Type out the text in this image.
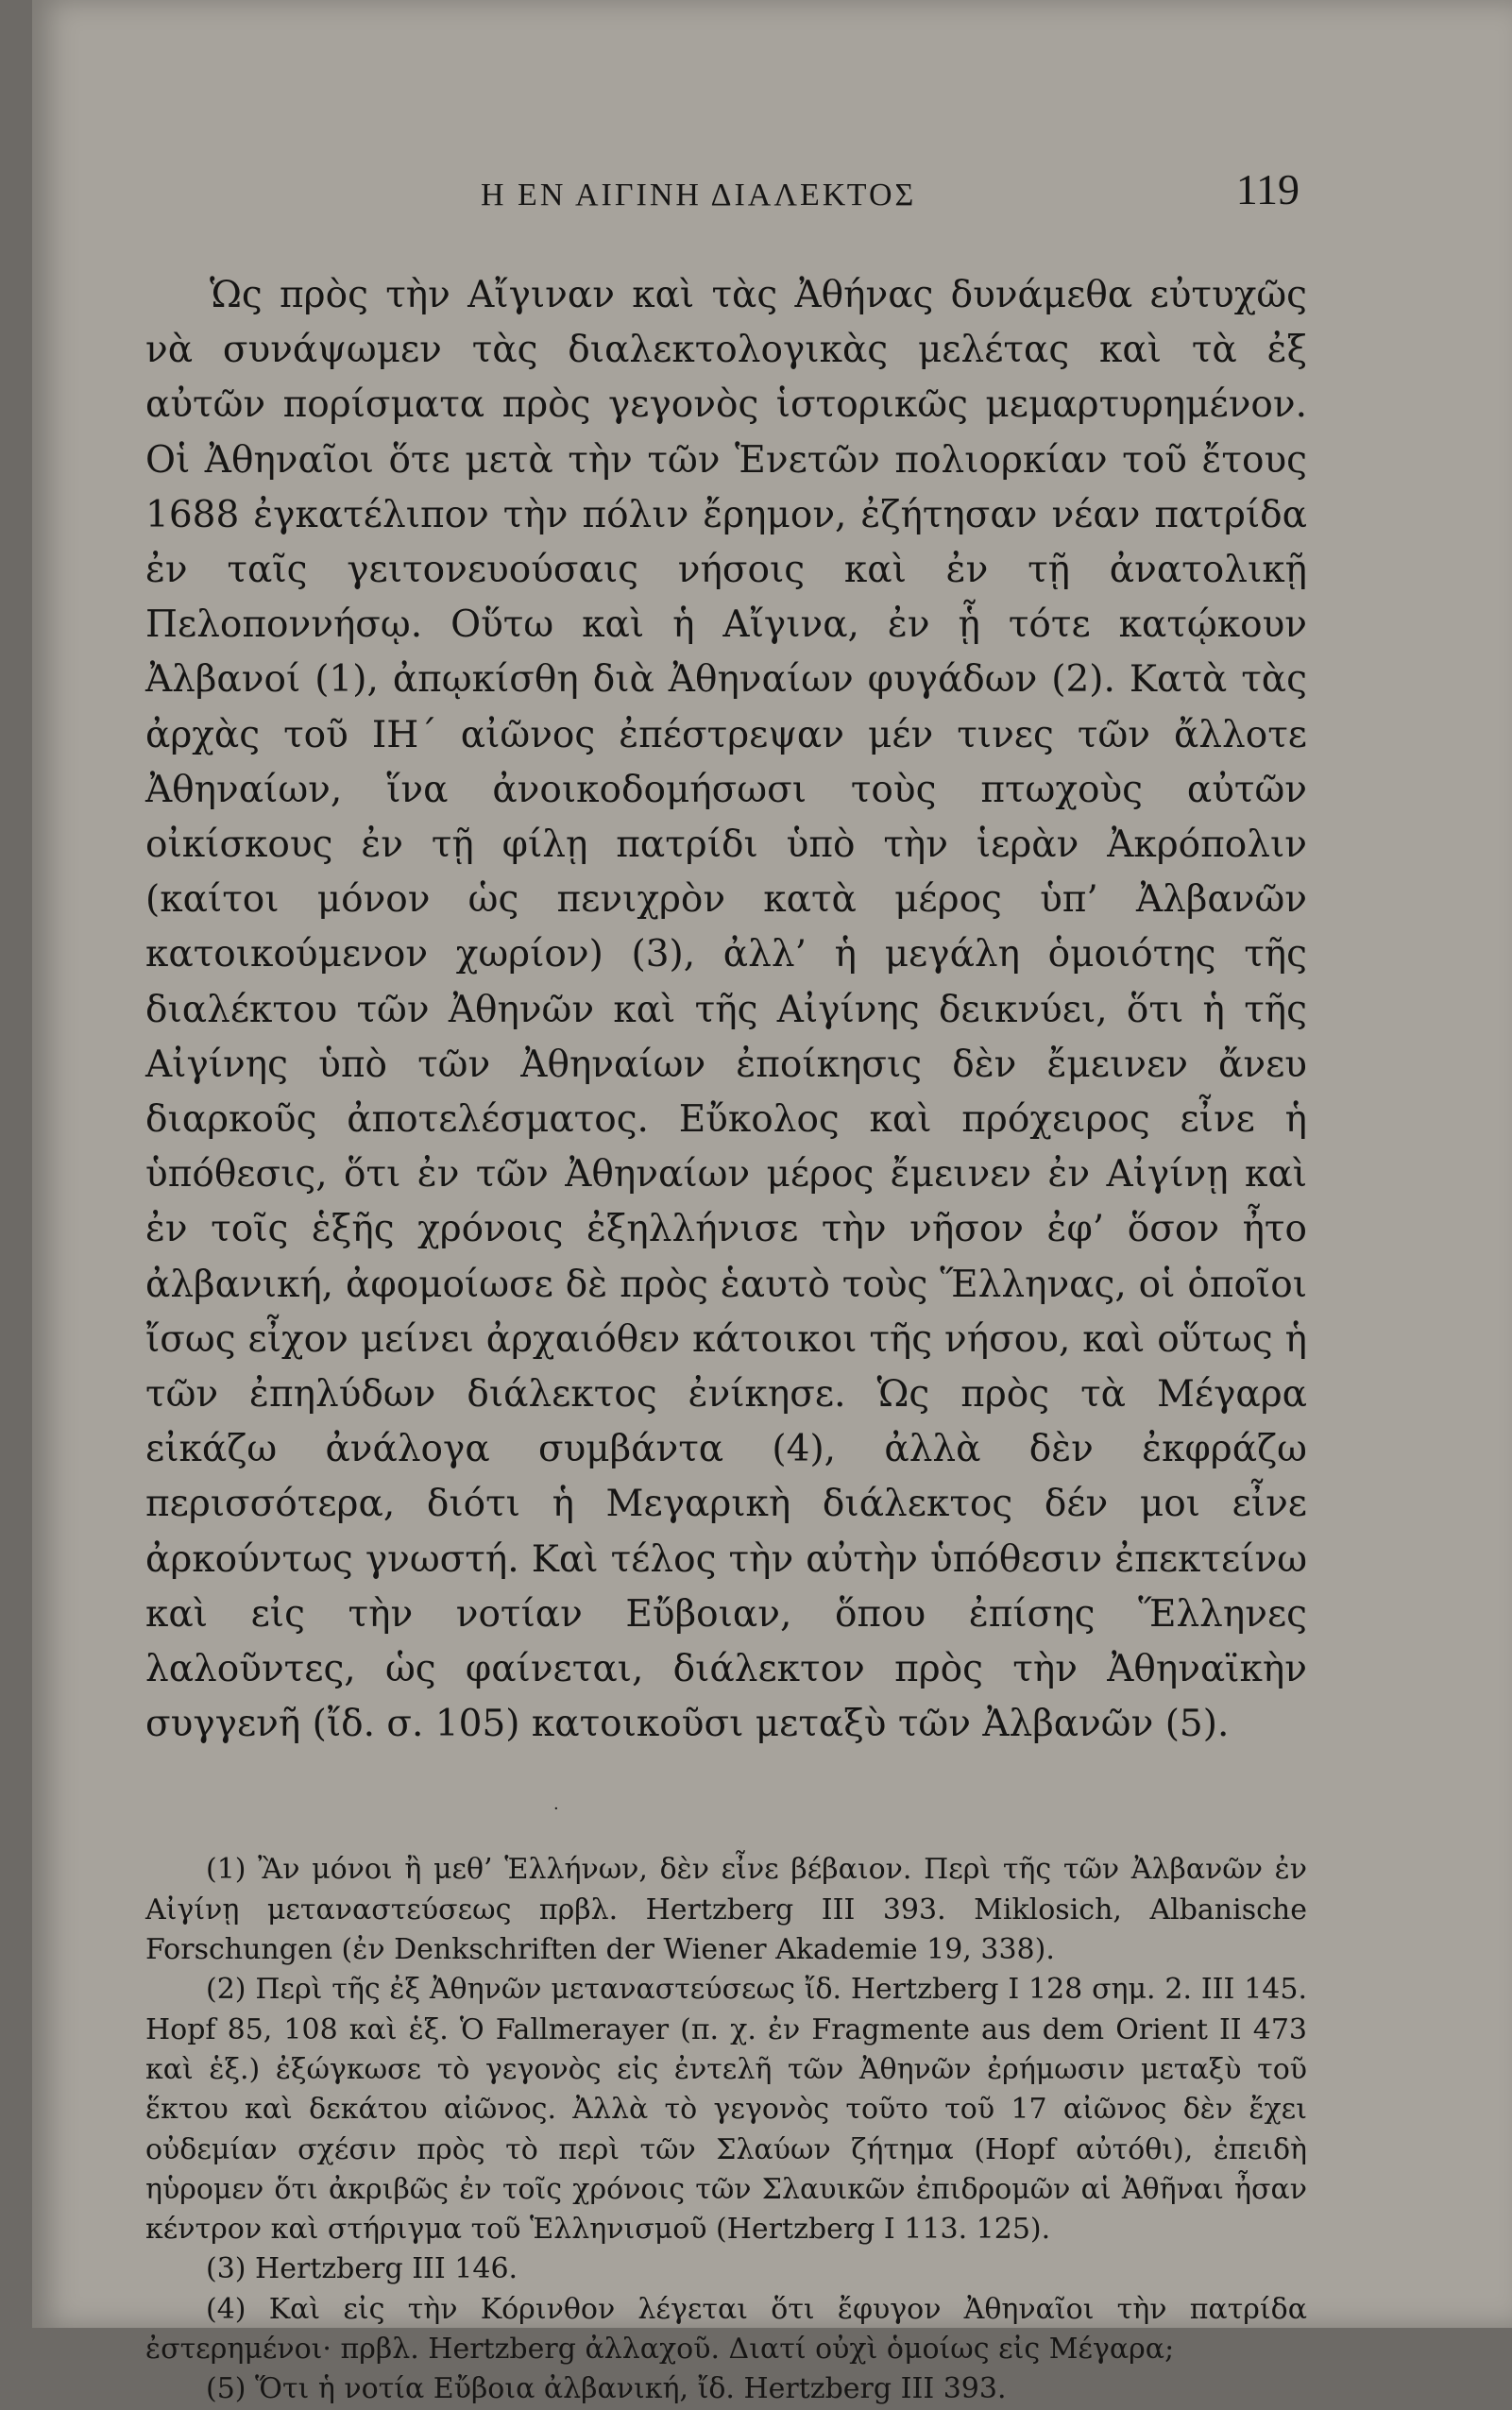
Η ΕΝ ΑΙΓΙΝΗ ΔΙΑΛΕΚΤΟΣ	119

Ὡς πρὸς τὴν Αἴγιναν καὶ τὰς Ἀθήνας δυνάμεθα εὐτυχῶς νὰ συνάψωμεν τὰς διαλεκτολογικὰς μελέτας καὶ τὰ ἐξ αὐτῶν πορίσματα πρὸς γεγονὸς ἱστορικῶς μεμαρτυρημένον. Οἱ Ἀθηναῖοι ὅτε μετὰ τὴν τῶν Ἑνετῶν πολιορκίαν τοῦ ἔτους 1688 ἐγκατέλιπον τὴν πόλιν ἔρημον, ἐζήτησαν νέαν πατρίδα ἐν ταῖς γειτονευούσαις νήσοις καὶ ἐν τῇ ἀνατολικῇ Πελοποννήσῳ. Οὕτω καὶ ἡ Αἴγινα, ἐν ᾗ τότε κατῴκουν Ἀλβανοί (1), ἀπῳκίσθη διὰ Ἀθηναίων φυγάδων (2). Κατὰ τὰς ἀρχὰς τοῦ ΙΗ΄ αἰῶνος ἐπέστρεψαν μέν τινες τῶν ἄλλοτε Ἀθηναίων, ἵνα ἀνοικοδομήσωσι τοὺς πτωχοὺς αὐτῶν οἰκίσκους ἐν τῇ φίλῃ πατρίδι ὑπὸ τὴν ἱερὰν Ἀκρόπολιν (καίτοι μόνον ὡς πενιχρὸν κατὰ μέρος ὑπ’ Ἀλβανῶν κατοικούμενον χωρίον) (3), ἀλλ’ ἡ μεγάλη ὁμοιότης τῆς διαλέκτου τῶν Ἀθηνῶν καὶ τῆς Αἰγίνης δεικνύει, ὅτι ἡ τῆς Αἰγίνης ὑπὸ τῶν Ἀθηναίων ἐποίκησις δὲν ἔμεινεν ἄνευ διαρκοῦς ἀποτελέσματος. Εὔκολος καὶ πρόχειρος εἶνε ἡ ὑπόθεσις, ὅτι ἐν τῶν Ἀθηναίων μέρος ἔμεινεν ἐν Αἰγίνῃ καὶ ἐν τοῖς ἑξῆς χρόνοις ἐξηλλήνισε τὴν νῆσον ἐφ’ ὅσον ἦτο ἀλβανική, ἀφομοίωσε δὲ πρὸς ἑαυτὸ τοὺς Ἕλληνας, οἱ ὁποῖοι ἴσως εἶχον μείνει ἀρχαιόθεν κάτοικοι τῆς νήσου, καὶ οὕτως ἡ τῶν ἐπηλύδων διάλεκτος ἐνίκησε. Ὡς πρὸς τὰ Μέγαρα εἰκάζω ἀνάλογα συμβάντα (4), ἀλλὰ δὲν ἐκφράζω περισσότερα, διότι ἡ Μεγαρικὴ διάλεκτος δέν μοι εἶνε ἀρκούντως γνωστή. Καὶ τέλος τὴν αὐτὴν ὑπόθεσιν ἐπεκτείνω καὶ εἰς τὴν νοτίαν Εὔβοιαν, ὅπου ἐπίσης Ἕλληνες λαλοῦντες, ὡς φαίνεται, διάλεκτον πρὸς τὴν Ἀθηναϊκὴν συγγενῆ (ἴδ. σ. 105) κατοικοῦσι μεταξὺ τῶν Ἀλβανῶν (5).

·

(1) Ἂν μόνοι ἢ μεθ’ Ἑλλήνων, δὲν εἶνε βέβαιον. Περὶ τῆς τῶν Ἀλβανῶν ἐν Αἰγίνῃ μεταναστεύσεως πρβλ. Hertzberg III 393. Miklosich, Albanische Forschungen (ἐν Denkschriften der Wiener Akademie 19, 338).

(2) Περὶ τῆς ἐξ Ἀθηνῶν μεταναστεύσεως ἴδ. Hertzberg I 128 σημ. 2. III 145. Hopf 85, 108 καὶ ἑξ. Ὁ Fallmerayer (π. χ. ἐν Fragmente aus dem Orient II 473 καὶ ἑξ.) ἐξώγκωσε τὸ γεγονὸς εἰς ἐντελῆ τῶν Ἀθηνῶν ἐρήμωσιν μεταξὺ τοῦ ἕκτου καὶ δεκάτου αἰῶνος. Ἀλλὰ τὸ γεγονὸς τοῦτο τοῦ 17 αἰῶνος δὲν ἔχει οὐδεμίαν σχέσιν πρὸς τὸ περὶ τῶν Σλαύων ζήτημα (Hopf αὐτόθι), ἐπειδὴ ηὑρομεν ὅτι ἀκριβῶς ἐν τοῖς χρόνοις τῶν Σλαυικῶν ἐπιδρομῶν αἱ Ἀθῆναι ἦσαν κέντρον καὶ στήριγμα τοῦ Ἑλληνισμοῦ (Hertzberg I 113. 125).

(3) Hertzberg III 146.

(4) Καὶ εἰς τὴν Κόρινθον λέγεται ὅτι ἔφυγον Ἀθηναῖοι τὴν πατρίδα ἐστερημένοι· πρβλ. Hertzberg ἀλλαχοῦ. Διατί οὐχὶ ὁμοίως εἰς Μέγαρα;

(5) Ὅτι ἡ νοτία Εὔβοια ἀλβανική, ἴδ. Hertzberg III 393.
